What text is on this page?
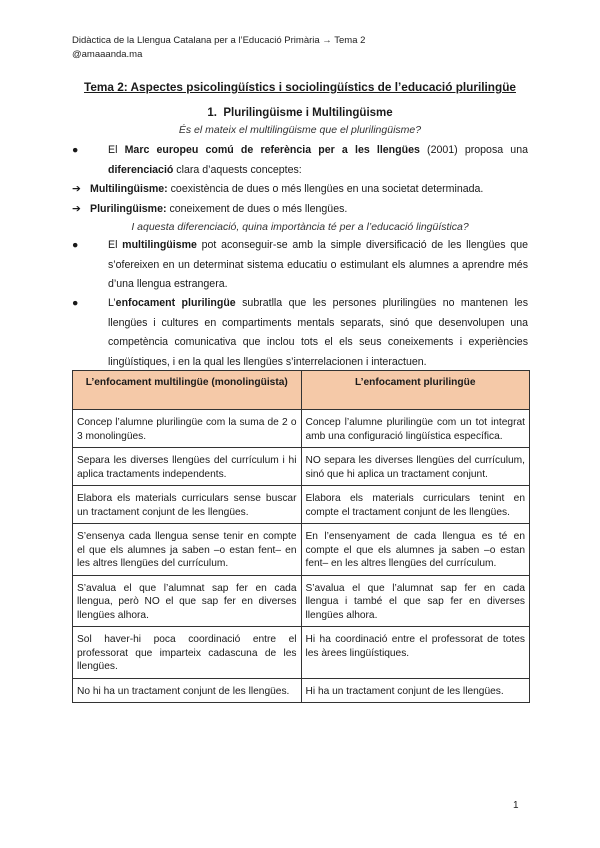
Didàctica de la Llengua Catalana per a l’Educació Primària → Tema 2
@amaaanda.ma
Tema 2: Aspectes psicolingüístics i sociolingüístics de l’educació plurilingüe
1. Plurilingüisme i Multilingüisme
És el mateix el multilingüisme que el plurilingüisme?
●	El Marc europeu comú de referència per a les llengües (2001) proposa una diferenciació clara d’aquests conceptes:
➔ Multilingüisme: coexistència de dues o més llengües en una societat determinada.
➔ Plurilingüisme: coneixement de dues o més llengües.
I aquesta diferenciació, quina importància té per a l’educació lingüística?
●	El multilingüisme pot aconseguir-se amb la simple diversificació de les llengües que s’ofereixen en un determinat sistema educatiu o estimulant els alumnes a aprendre més d’una llengua estrangera.
●	L’enfocament plurilingüe subratlla que les persones plurilingües no mantenen les llengües i cultures en compartiments mentals separats, sinó que desenvolupen una competència comunicativa que inclou tots el els seus coneixements i experiències lingüístiques, i en la qual les llengües s’interrelacionen i interactuen.
L’enfocament multilingüe (monolingüista)	L’enfocament plurilingüe
Concep l’alumne plurilingüe com la suma de 2 o 3 monolingües.	Concep l’alumne plurilingüe com un tot integrat amb una configuració lingüística específica.
Separa les diverses llengües del currículum i hi aplica tractaments independents.	NO separa les diverses llengües del currículum, sinó que hi aplica un tractament conjunt.
Elabora els materials curriculars sense buscar un tractament conjunt de les llengües.	Elabora els materials curriculars tenint en compte el tractament conjunt de les llengües.
S’ensenya cada llengua sense tenir en compte el que els alumnes ja saben –o estan fent– en les altres llengües del currículum.	En l’ensenyament de cada llengua es té en compte el que els alumnes ja saben –o estan fent– en les altres llengües del currículum.
S’avalua el que l’alumnat sap fer en cada llengua, però NO el que sap fer en diverses llengües alhora.	S’avalua el que l’alumnat sap fer en cada llengua i també el que sap fer en diverses llengües alhora.
Sol haver-hi poca coordinació entre el professorat que imparteix cadascuna de les llengües.	Hi ha coordinació entre el professorat de totes les àrees lingüístiques.
No hi ha un tractament conjunt de les llengües.	Hi ha un tractament conjunt de les llengües.
1
